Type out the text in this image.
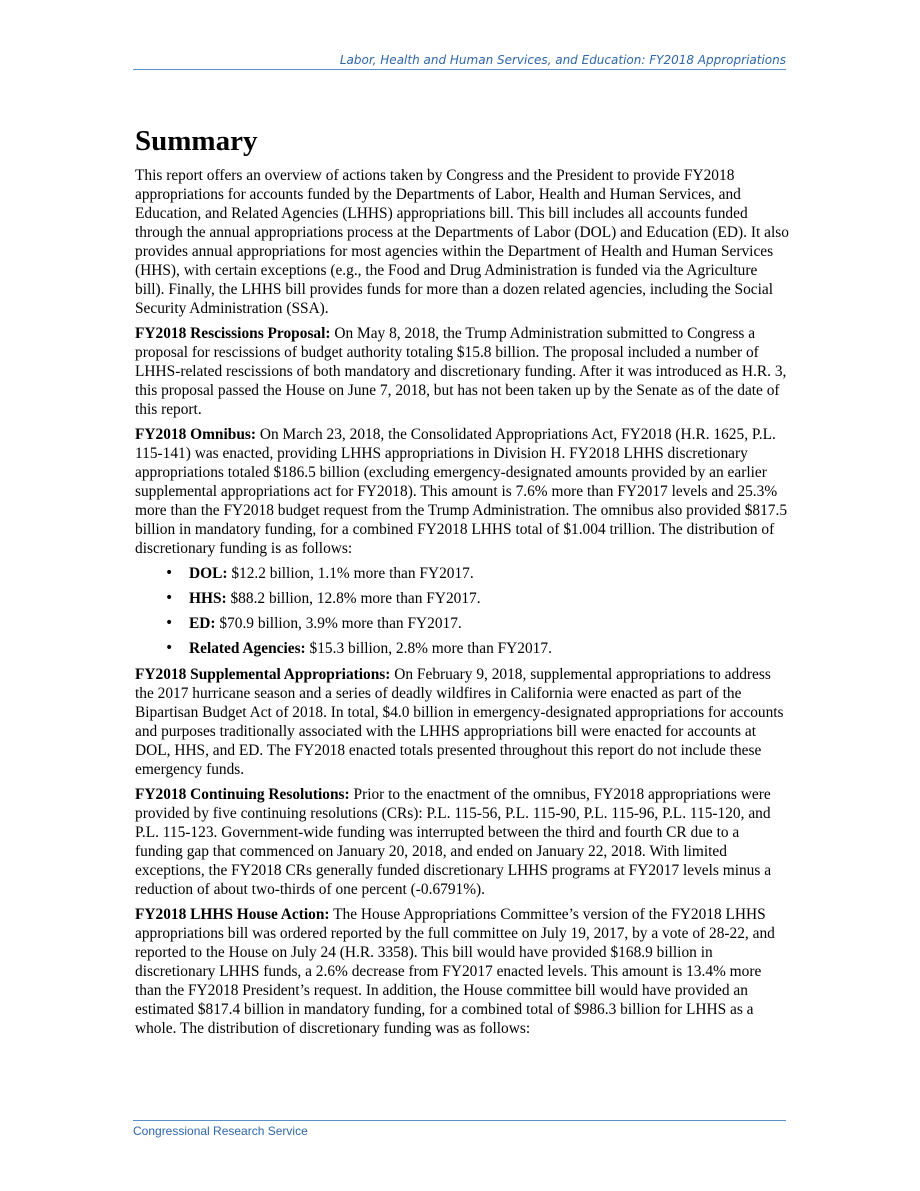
Labor, Health and Human Services, and Education: FY2018 Appropriations
Summary

This report offers an overview of actions taken by Congress and the President to provide FY2018 appropriations for accounts funded by the Departments of Labor, Health and Human Services, and Education, and Related Agencies (LHHS) appropriations bill. This bill includes all accounts funded through the annual appropriations process at the Departments of Labor (DOL) and Education (ED). It also provides annual appropriations for most agencies within the Department of Health and Human Services (HHS), with certain exceptions (e.g., the Food and Drug Administration is funded via the Agriculture bill). Finally, the LHHS bill provides funds for more than a dozen related agencies, including the Social Security Administration (SSA).

FY2018 Rescissions Proposal: On May 8, 2018, the Trump Administration submitted to Congress a proposal for rescissions of budget authority totaling $15.8 billion. The proposal included a number of LHHS-related rescissions of both mandatory and discretionary funding. After it was introduced as H.R. 3, this proposal passed the House on June 7, 2018, but has not been taken up by the Senate as of the date of this report.

FY2018 Omnibus: On March 23, 2018, the Consolidated Appropriations Act, FY2018 (H.R. 1625, P.L. 115-141) was enacted, providing LHHS appropriations in Division H. FY2018 LHHS discretionary appropriations totaled $186.5 billion (excluding emergency-designated amounts provided by an earlier supplemental appropriations act for FY2018). This amount is 7.6% more than FY2017 levels and 25.3% more than the FY2018 budget request from the Trump Administration. The omnibus also provided $817.5 billion in mandatory funding, for a combined FY2018 LHHS total of $1.004 trillion. The distribution of discretionary funding is as follows:

• DOL: $12.2 billion, 1.1% more than FY2017.
• HHS: $88.2 billion, 12.8% more than FY2017.
• ED: $70.9 billion, 3.9% more than FY2017.
• Related Agencies: $15.3 billion, 2.8% more than FY2017.

FY2018 Supplemental Appropriations: On February 9, 2018, supplemental appropriations to address the 2017 hurricane season and a series of deadly wildfires in California were enacted as part of the Bipartisan Budget Act of 2018. In total, $4.0 billion in emergency-designated appropriations for accounts and purposes traditionally associated with the LHHS appropriations bill were enacted for accounts at DOL, HHS, and ED. The FY2018 enacted totals presented throughout this report do not include these emergency funds.

FY2018 Continuing Resolutions: Prior to the enactment of the omnibus, FY2018 appropriations were provided by five continuing resolutions (CRs): P.L. 115-56, P.L. 115-90, P.L. 115-96, P.L. 115-120, and P.L. 115-123. Government-wide funding was interrupted between the third and fourth CR due to a funding gap that commenced on January 20, 2018, and ended on January 22, 2018. With limited exceptions, the FY2018 CRs generally funded discretionary LHHS programs at FY2017 levels minus a reduction of about two-thirds of one percent (-0.6791%).

FY2018 LHHS House Action: The House Appropriations Committee’s version of the FY2018 LHHS appropriations bill was ordered reported by the full committee on July 19, 2017, by a vote of 28-22, and reported to the House on July 24 (H.R. 3358). This bill would have provided $168.9 billion in discretionary LHHS funds, a 2.6% decrease from FY2017 enacted levels. This amount is 13.4% more than the FY2018 President’s request. In addition, the House committee bill would have provided an estimated $817.4 billion in mandatory funding, for a combined total of $986.3 billion for LHHS as a whole. The distribution of discretionary funding was as follows:

Congressional Research Service
